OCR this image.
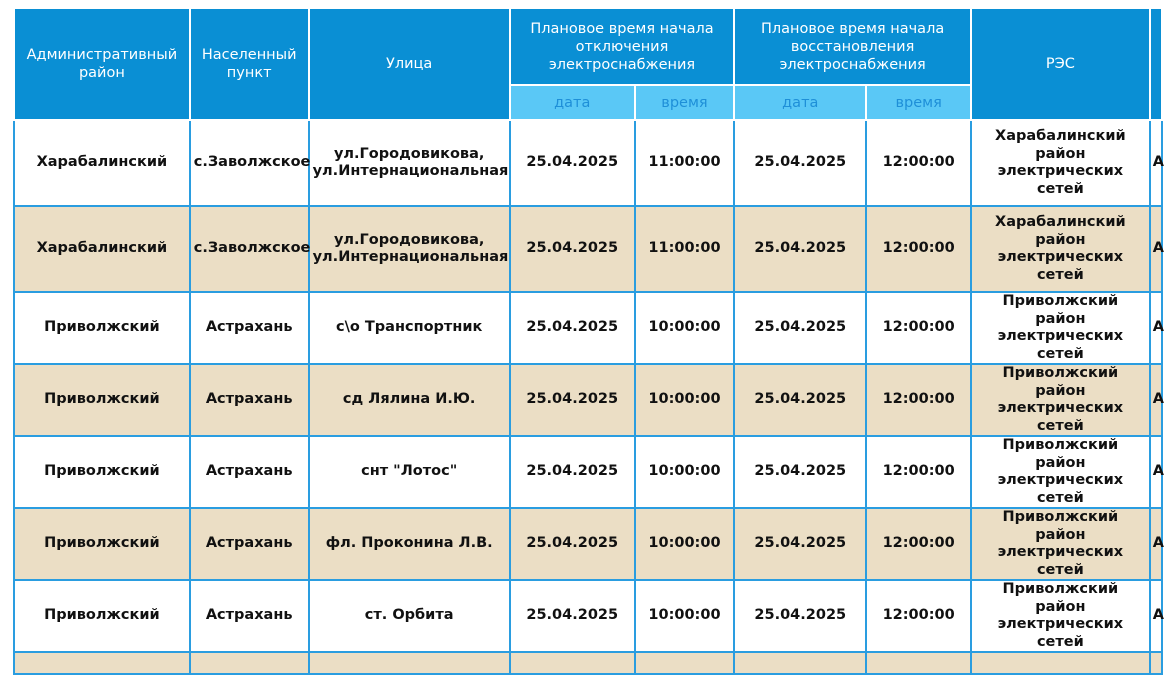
Административный район	Населенный пункт	Улица	Плановое время начала отключения электроснабжения		Плановое время начала восстановления электроснабжения		РЭС	
			дата	время	дата	время		
Харабалинский	с.Заволжское	ул.Городовикова, ул.Интернациональная	25.04.2025	11:00:00	25.04.2025	12:00:00	Харабалинский район электрических сетей	А
Харабалинский	с.Заволжское	ул.Городовикова, ул.Интернациональная	25.04.2025	11:00:00	25.04.2025	12:00:00	Харабалинский район электрических сетей	А
Приволжский	Астрахань	с\о Транспортник	25.04.2025	10:00:00	25.04.2025	12:00:00	Приволжский район электрических сетей	А
Приволжский	Астрахань	сд Лялина И.Ю.	25.04.2025	10:00:00	25.04.2025	12:00:00	Приволжский район электрических сетей	А
Приволжский	Астрахань	снт "Лотос"	25.04.2025	10:00:00	25.04.2025	12:00:00	Приволжский район электрических сетей	А
Приволжский	Астрахань	фл. Проконина Л.В.	25.04.2025	10:00:00	25.04.2025	12:00:00	Приволжский район электрических сетей	А
Приволжский	Астрахань	ст. Орбита	25.04.2025	10:00:00	25.04.2025	12:00:00	Приволжский район электрических сетей	А
